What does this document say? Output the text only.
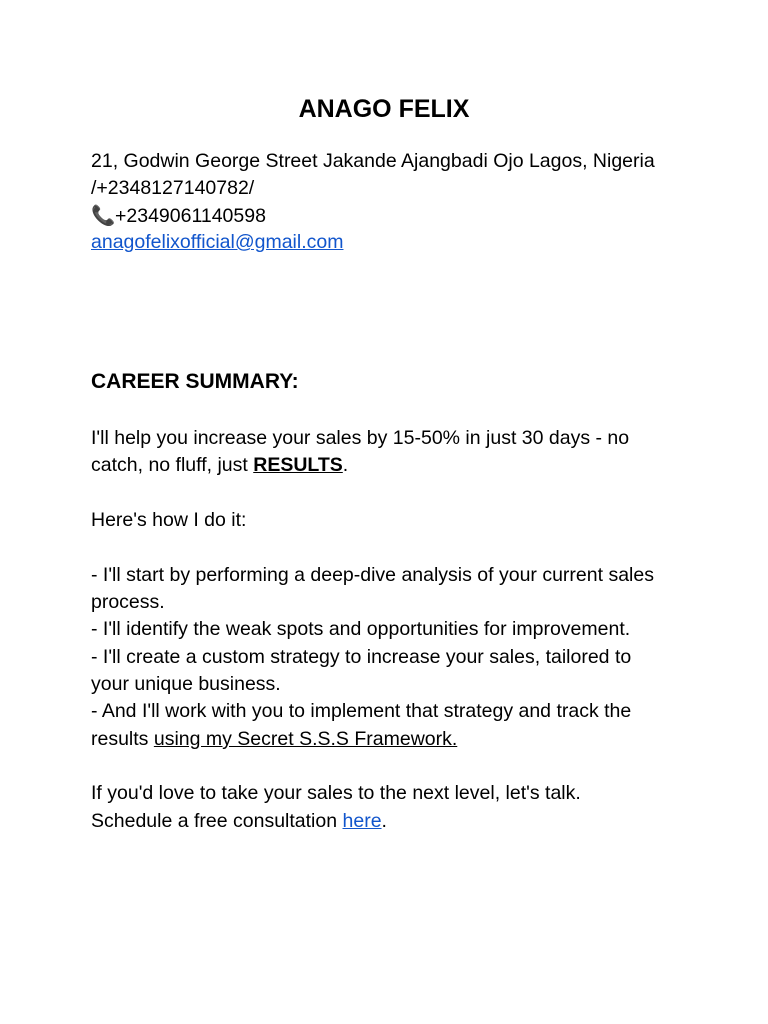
ANAGO FELIX

21, Godwin George Street Jakande Ajangbadi Ojo Lagos, Nigeria

/+2348127140782/

📞+2349061140598

anagofelixofficial@gmail.com

CAREER SUMMARY:

I'll help you increase your sales by 15-50% in just 30 days - no

catch, no fluff, just RESULTS.

Here's how I do it:

- I'll start by performing a deep-dive analysis of your current sales

process.

- I'll identify the weak spots and opportunities for improvement.

- I'll create a custom strategy to increase your sales, tailored to

your unique business.

- And I'll work with you to implement that strategy and track the

results using my Secret S.S.S Framework.

If you'd love to take your sales to the next level, let's talk.

Schedule a free consultation here.
